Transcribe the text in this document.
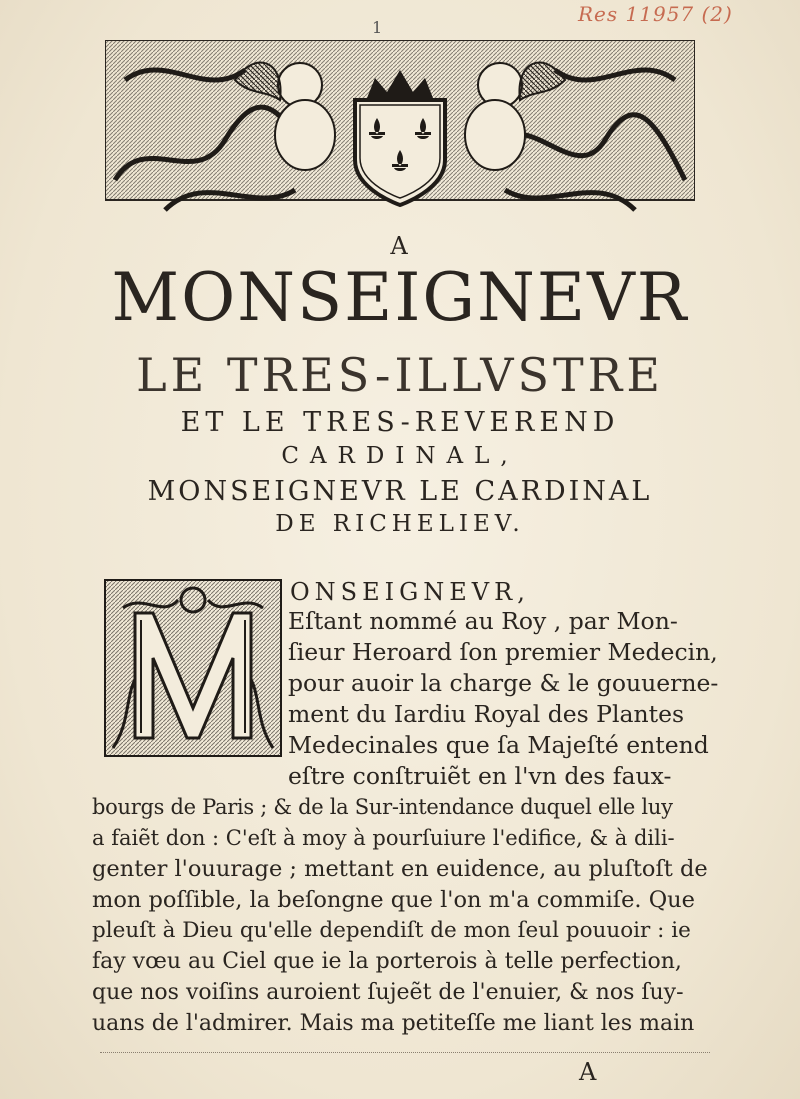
Res 11957 (2)
1
A
MONSEIGNEVR
LE TRES-ILLVSTRE
ET LE TRES-REVEREND
CARDINAL,
MONSEIGNEVR LE CARDINAL
DE RICHELIEV.
ONSEIGNEVR,
Eſtant nommé au Roy , par Mon-
ſieur Heroard ſon premier Medecin,
pour auoir la charge & le gouuerne-
ment du Iardiu Royal des Plantes
Medecinales que ſa Majeſté entend
eſtre conſtruiẽt en l'vn des faux-
bourgs de Paris ; & de la Sur-intendance duquel elle luy
a faiẽt don : C'eſt à moy à pourſuiure l'edifice, & à dili-
genter l'ouurage ; mettant en euidence, au pluſtoſt de
mon poſſible, la beſongne que l'on m'a commiſe. Que
pleuſt à Dieu qu'elle dependiſt de mon ſeul pouuoir : ie
fay vœu au Ciel que ie la porterois à telle perfection,
que nos voiſins auroient ſujeẽt de l'enuier, & nos ſuy-
uans de l'admirer. Mais ma petiteſſe me liant les main
A
